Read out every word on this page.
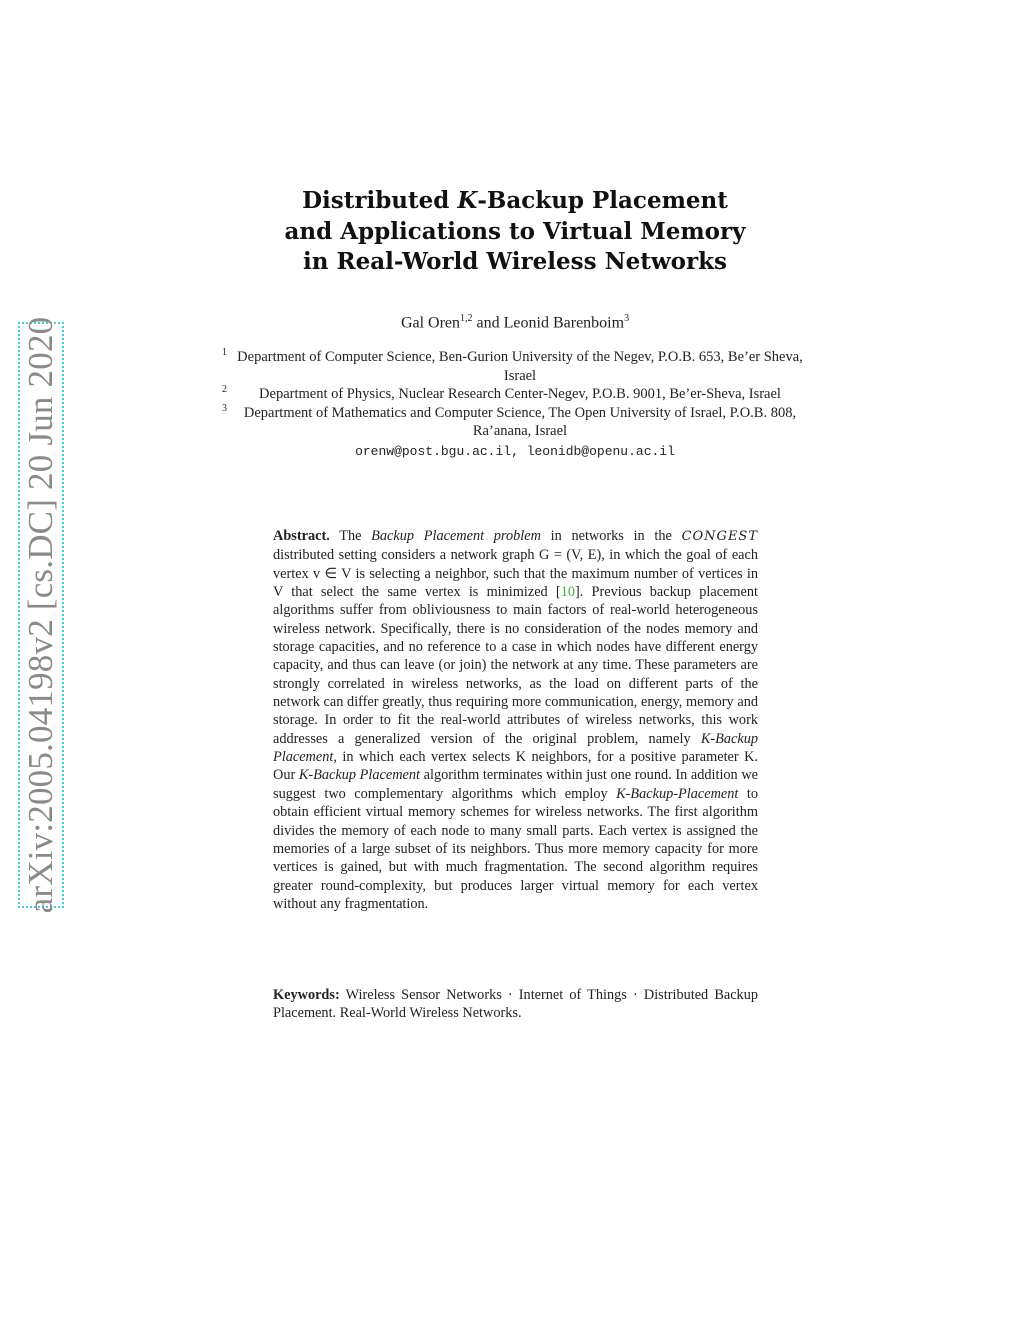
arXiv:2005.04198v2 [cs.DC] 20 Jun 2020
Distributed K-Backup Placement
and Applications to Virtual Memory
in Real-World Wireless Networks
Gal Oren$^{1,2}$ and Leonid Barenboim$^3$
1 Department of Computer Science, Ben-Gurion University of the Negev, P.O.B. 653, Be’er Sheva, Israel
2 Department of Physics, Nuclear Research Center-Negev, P.O.B. 9001, Be’er-Sheva, Israel
3 Department of Mathematics and Computer Science, The Open University of Israel, P.O.B. 808, Ra’anana, Israel
orenw@post.bgu.ac.il, leonidb@openu.ac.il
Abstract. The Backup Placement problem in networks in the CONGEST distributed setting considers a network graph G = (V, E), in which the goal of each vertex v ∈ V is selecting a neighbor, such that the maximum number of vertices in V that select the same vertex is minimized [10]. Previous backup placement algorithms suffer from obliviousness to main factors of real-world heterogeneous wireless network. Specifically, there is no consideration of the nodes memory and storage capacities, and no reference to a case in which nodes have different energy capacity, and thus can leave (or join) the network at any time. These parameters are strongly correlated in wireless networks, as the load on different parts of the network can differ greatly, thus requiring more communication, energy, memory and storage. In order to fit the real-world attributes of wireless networks, this work addresses a generalized version of the original problem, namely K-Backup Placement, in which each vertex selects K neighbors, for a positive parameter K. Our K-Backup Placement algorithm terminates within just one round. In addition we suggest two complementary algorithms which employ K-Backup-Placement to obtain efficient virtual memory schemes for wireless networks. The first algorithm divides the memory of each node to many small parts. Each vertex is assigned the memories of a large subset of its neighbors. Thus more memory capacity for more vertices is gained, but with much fragmentation. The second algorithm requires greater round-complexity, but produces larger virtual memory for each vertex without any fragmentation.
Keywords: Wireless Sensor Networks · Internet of Things · Distributed Backup Placement. Real-World Wireless Networks.
